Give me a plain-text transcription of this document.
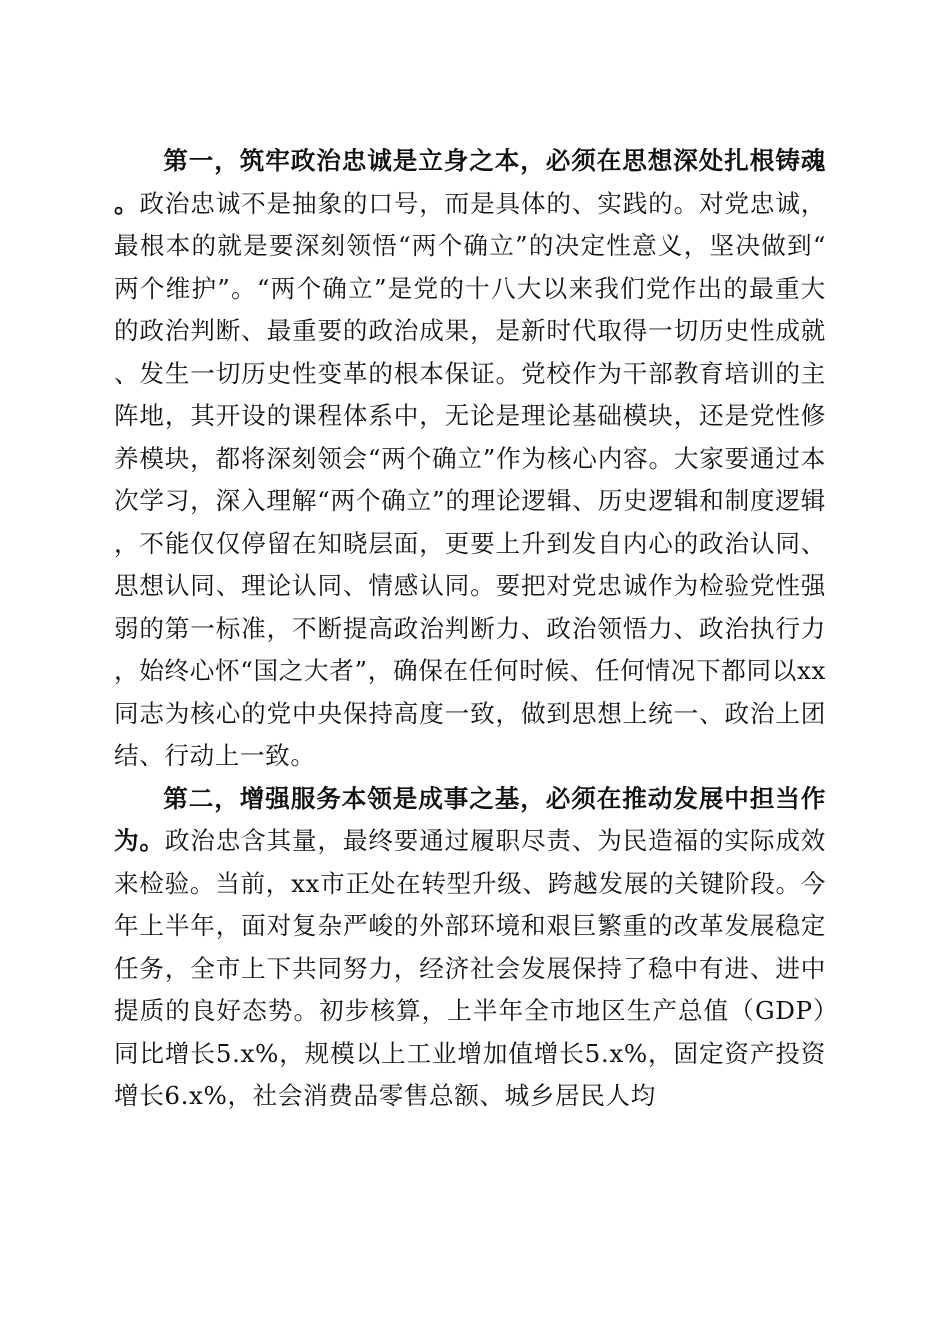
第一，筑牢政治忠诚是立身之本，必须在思想深处扎根铸魂。政治忠诚不是抽象的口号，而是具体的、实践的。对党忠诚，最根本的就是要深刻领悟“两个确立”的决定性意义，坚决做到“两个维护”。“两个确立”是党的十八大以来我们党作出的最重大的政治判断、最重要的政治成果，是新时代取得一切历史性成就、发生一切历史性变革的根本保证。党校作为干部教育培训的主阵地，其开设的课程体系中，无论是理论基础模块，还是党性修养模块，都将深刻领会“两个确立”作为核心内容。大家要通过本次学习，深入理解“两个确立”的理论逻辑、历史逻辑和制度逻辑，不能仅仅停留在知晓层面，更要上升到发自内心的政治认同、思想认同、理论认同、情感认同。要把对党忠诚作为检验党性强弱的第一标准，不断提高政治判断力、政治领悟力、政治执行力，始终心怀“国之大者”，确保在任何时候、任何情况下都同以xx同志为核心的党中央保持高度一致，做到思想上统一、政治上团结、行动上一致。

第二，增强服务本领是成事之基，必须在推动发展中担当作为。政治忠含其量，最终要通过履职尽责、为民造福的实际成效来检验。当前，xx市正处在转型升级、跨越发展的关键阶段。今年上半年，面对复杂严峻的外部环境和艰巨繁重的改革发展稳定任务，全市上下共同努力，经济社会发展保持了稳中有进、进中提质的良好态势。初步核算，上半年全市地区生产总值（GDP）同比增长5.x%，规模以上工业增加值增长5.x%，固定资产投资增长6.x%，社会消费品零售总额、城乡居民人均
